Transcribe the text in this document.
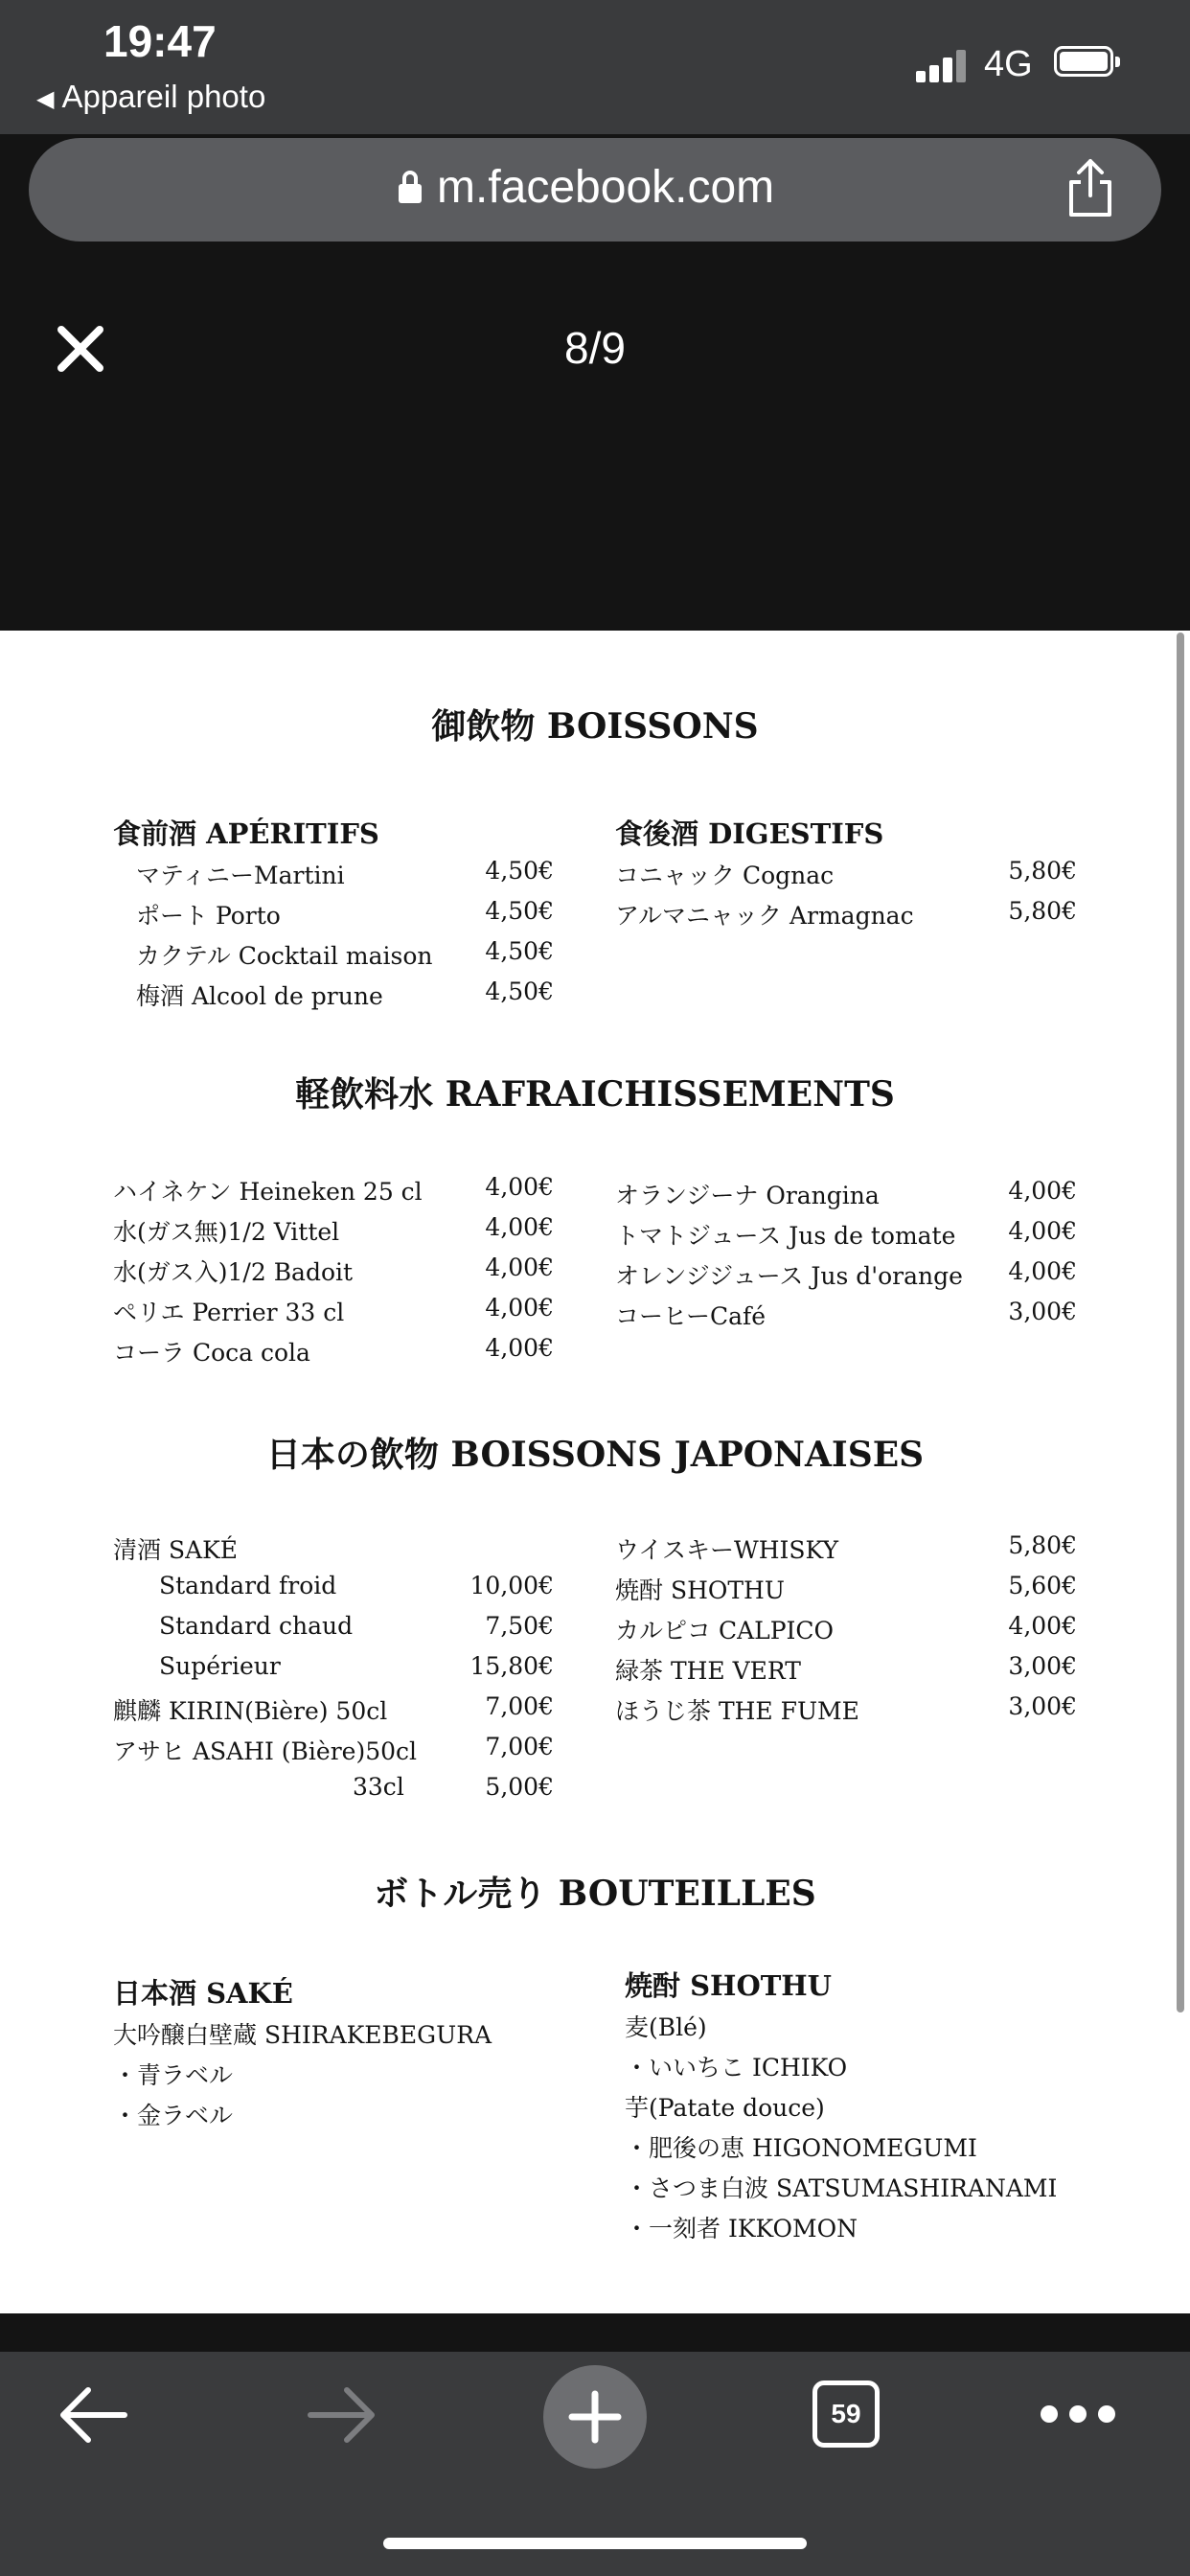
19:47
◀ Appareil photo
4G
m.facebook.com
8/9
御飲物 BOISSONS
食前酒 APÉRITIFS
マティニーMartini	4,50€
ポート Porto	4,50€
カクテル Cocktail maison 4,50€
梅酒 Alcool de prune	4,50€
食後酒 DIGESTIFS
コニャック Cognac	5,80€
アルマニャック Armagnac	5,80€
軽飲料水 RAFRAICHISSEMENTS
ハイネケン Heineken 25 cl	4,00€
水(ガス無)1/2 Vittel	4,00€
水(ガス入)1/2 Badoit	4,00€
ペリエ Perrier 33 cl	4,00€
コーラ Coca cola	4,00€
オランジーナ Orangina	4,00€
トマトジュース Jus de tomate 4,00€
オレンジジュース Jus d'orange 4,00€
コーヒーCafé	3,00€
日本の飲物 BOISSONS JAPONAISES
清酒 SAKÉ
Standard froid	10,00€
Standard chaud	7,50€
Supérieur	15,80€
麒麟 KIRIN(Bière) 50cl	7,00€
アサヒ ASAHI (Bière)50cl	7,00€
33cl	5,00€
ウイスキーWHISKY	5,80€
焼酎 SHOTHU	5,60€
カルピコ CALPICO	4,00€
緑茶 THE VERT	3,00€
ほうじ茶 THE FUME	3,00€
ボトル売り BOUTEILLES
日本酒 SAKÉ
大吟醸白壁蔵 SHIRAKEBEGURA
・青ラベル
・金ラベル
焼酎 SHOTHU
麦(Blé)
・いいちこ ICHIKO
芋(Patate douce)
・肥後の恵 HIGONOMEGUMI
・さつま白波 SATSUMASHIRANAMI
・一刻者 IKKOMON
59
